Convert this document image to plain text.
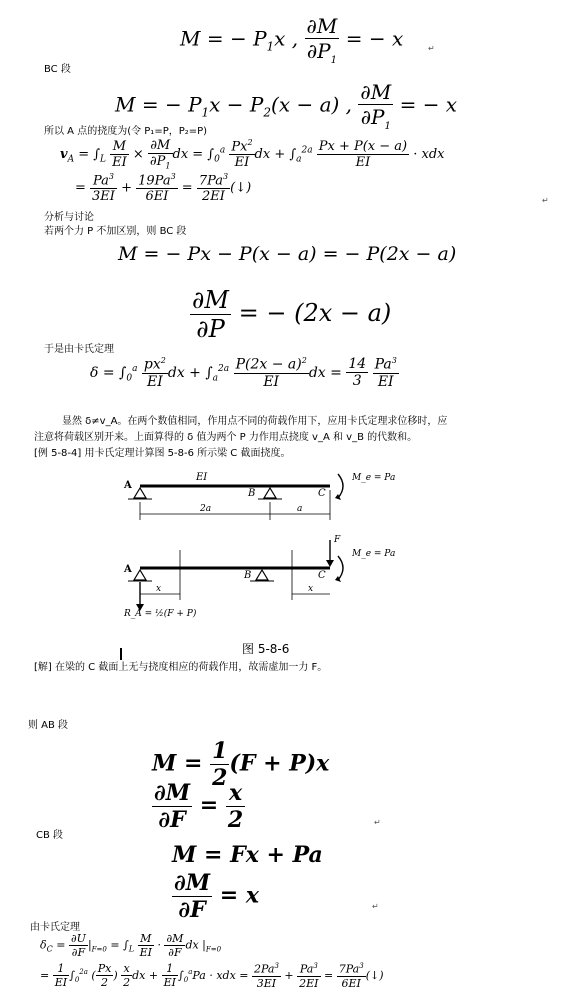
M = − $P_1x$ , $\frac{\partial M}{\partial P_1}$ = − x	↵
BC 段
M = − $P_1x - P_2(x - a)$ , $\frac{\partial M}{\partial P_1}$ = − x
所以 A 点的挠度为(令 P₁=P，P₂=P)
$v_A = \int_L \frac{M}{EI} \times \frac{\partial M}{\partial P_1}$ dx = $\int_0^a \frac{Px^2}{EI}$ dx + $\int_a^{2a} \frac{Px + P(x - a)}{EI}$ · xdx
= $\frac{Pa^3}{3EI} + \frac{19Pa^3}{6EI} = \frac{7Pa^3}{2EI}$ (↓)
↵
分析与讨论
若两个力 P 不加区别，则 BC 段
M = − Px − P(x − a) = − P(2x − a)
$\frac{\partial M}{\partial P}$ = − (2x − a)
于是由卡氏定理
$\delta = \int_0^a \frac{px^2}{EI}$ dx + $\int_a^{2a} \frac{P(2x - a)^2}{EI}$ dx = $\frac{14}{3}$
$\frac{Pa^3}{EI}$
显然 δ≠v_A。在两个数值相同，作用点不同的荷载作用下，应用卡氏定理求位移时，应
注意将荷载区别开来。上面算得的 δ 值为两个 P 力作用点挠度 v_A 和 v_B 的代数和。
[例 5-8-4] 用卡氏定理计算图 5-8-6 所示梁 C 截面挠度。
EI
A
B	C
M_e = Pa
2a	a
A
B	C
F
M_e = Pa
x	x
R_A = ½(F + P)
图 5-8-6
[解] 在梁的 C 截面上无与挠度相应的荷载作用，故需虚加一力 F。
则 AB 段
$M = \frac{1}{2} (F + P)x$
$\frac{\partial M}{\partial F} = \frac{x}{2}$	↵
CB 段
M = Fx + Pa
$\frac{\partial M}{\partial F} = x$	↵
由卡氏定理
$\delta_C = \frac{\partial U}{\partial F} |_{F=0} = \int_L \frac{M}{EI} \cdot \frac{\partial M}{\partial F}$ dx $|_{F=0}$
= $\frac{1}{EI} \int_0^{2a}$ ( $\frac{Px}{2}$ ) $\frac{x}{2}$ dx + $\frac{1}{EI} \int_0^aPa$ · xdx = $\frac{2Pa^3}{3EI} + \frac{Pa^3}{2EI} = \frac{7Pa^3}{6EI}$ (↓)
